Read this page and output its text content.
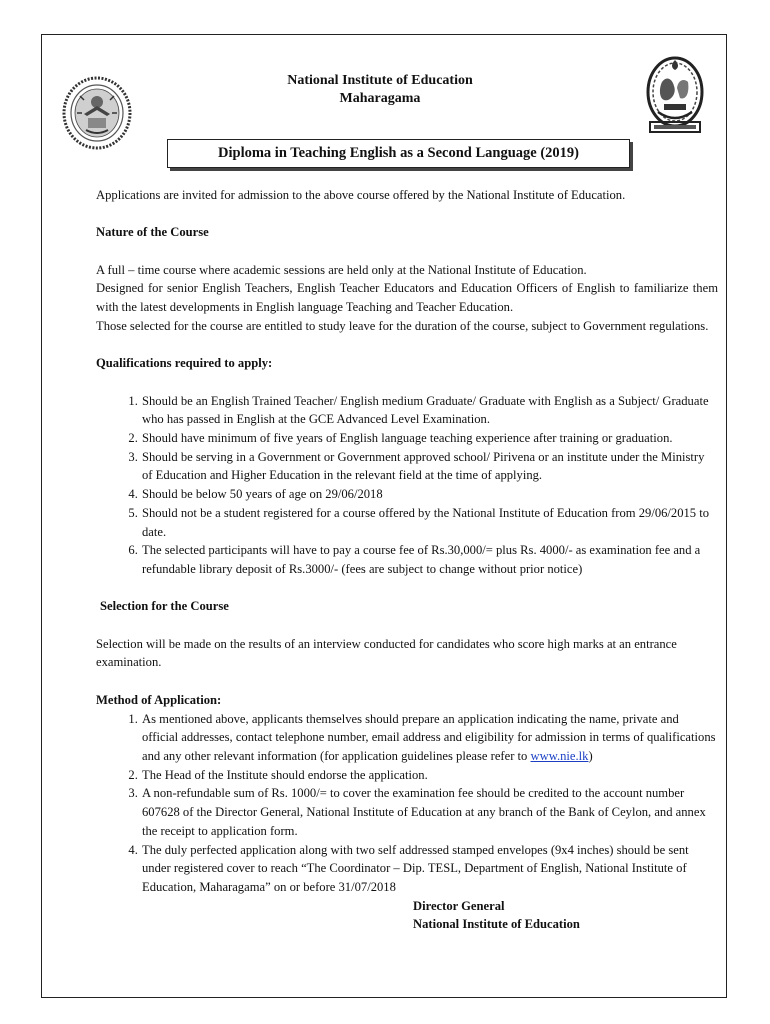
National Institute of Education
Maharagama
Diploma in Teaching English as a Second Language (2019)

Applications are invited for admission to the above course offered by the National Institute of Education.

Nature of the Course

A full – time course where academic sessions are held only at the National Institute of Education.

Designed for senior English Teachers, English Teacher Educators and Education Officers of English to familiarize them with the latest developments in English language Teaching and Teacher Education.

Those selected for the course are entitled to study leave for the duration of the course, subject to Government regulations.

Qualifications required to apply:

1. Should be an English Trained Teacher/ English medium Graduate/ Graduate with English as a Subject/ Graduate who has passed in English at the GCE Advanced Level Examination.
2. Should have minimum of five years of English language teaching experience after training or graduation.
3. Should be serving in a Government or Government approved school/ Pirivena or an institute under the Ministry of Education and Higher Education in the relevant field at the time of applying.
4. Should be below 50 years of age on 29/06/2018
5. Should not be a student registered for a course offered by the National Institute of Education from 29/06/2015 to date.
6. The selected participants will have to pay a course fee of Rs.30,000/= plus Rs. 4000/- as examination fee and a refundable library deposit of Rs.3000/- (fees are subject to change without prior notice)

Selection for the Course

Selection will be made on the results of an interview conducted for candidates who score high marks at an entrance examination.

Method of Application:

1. As mentioned above, applicants themselves should prepare an application indicating the name, private and official addresses, contact telephone number, email address and eligibility for admission in terms of qualifications and any other relevant information (for application guidelines please refer to www.nie.lk)
2. The Head of the Institute should endorse the application.
3. A non-refundable sum of Rs. 1000/= to cover the examination fee should be credited to the account number 607628 of the Director General, National Institute of Education at any branch of the Bank of Ceylon, and annex the receipt to application form.
4. The duly perfected application along with two self addressed stamped envelopes (9x4 inches) should be sent under registered cover to reach “The Coordinator – Dip. TESL, Department of English, National Institute of Education, Maharagama” on or before 31/07/2018

Director General

National Institute of Education
